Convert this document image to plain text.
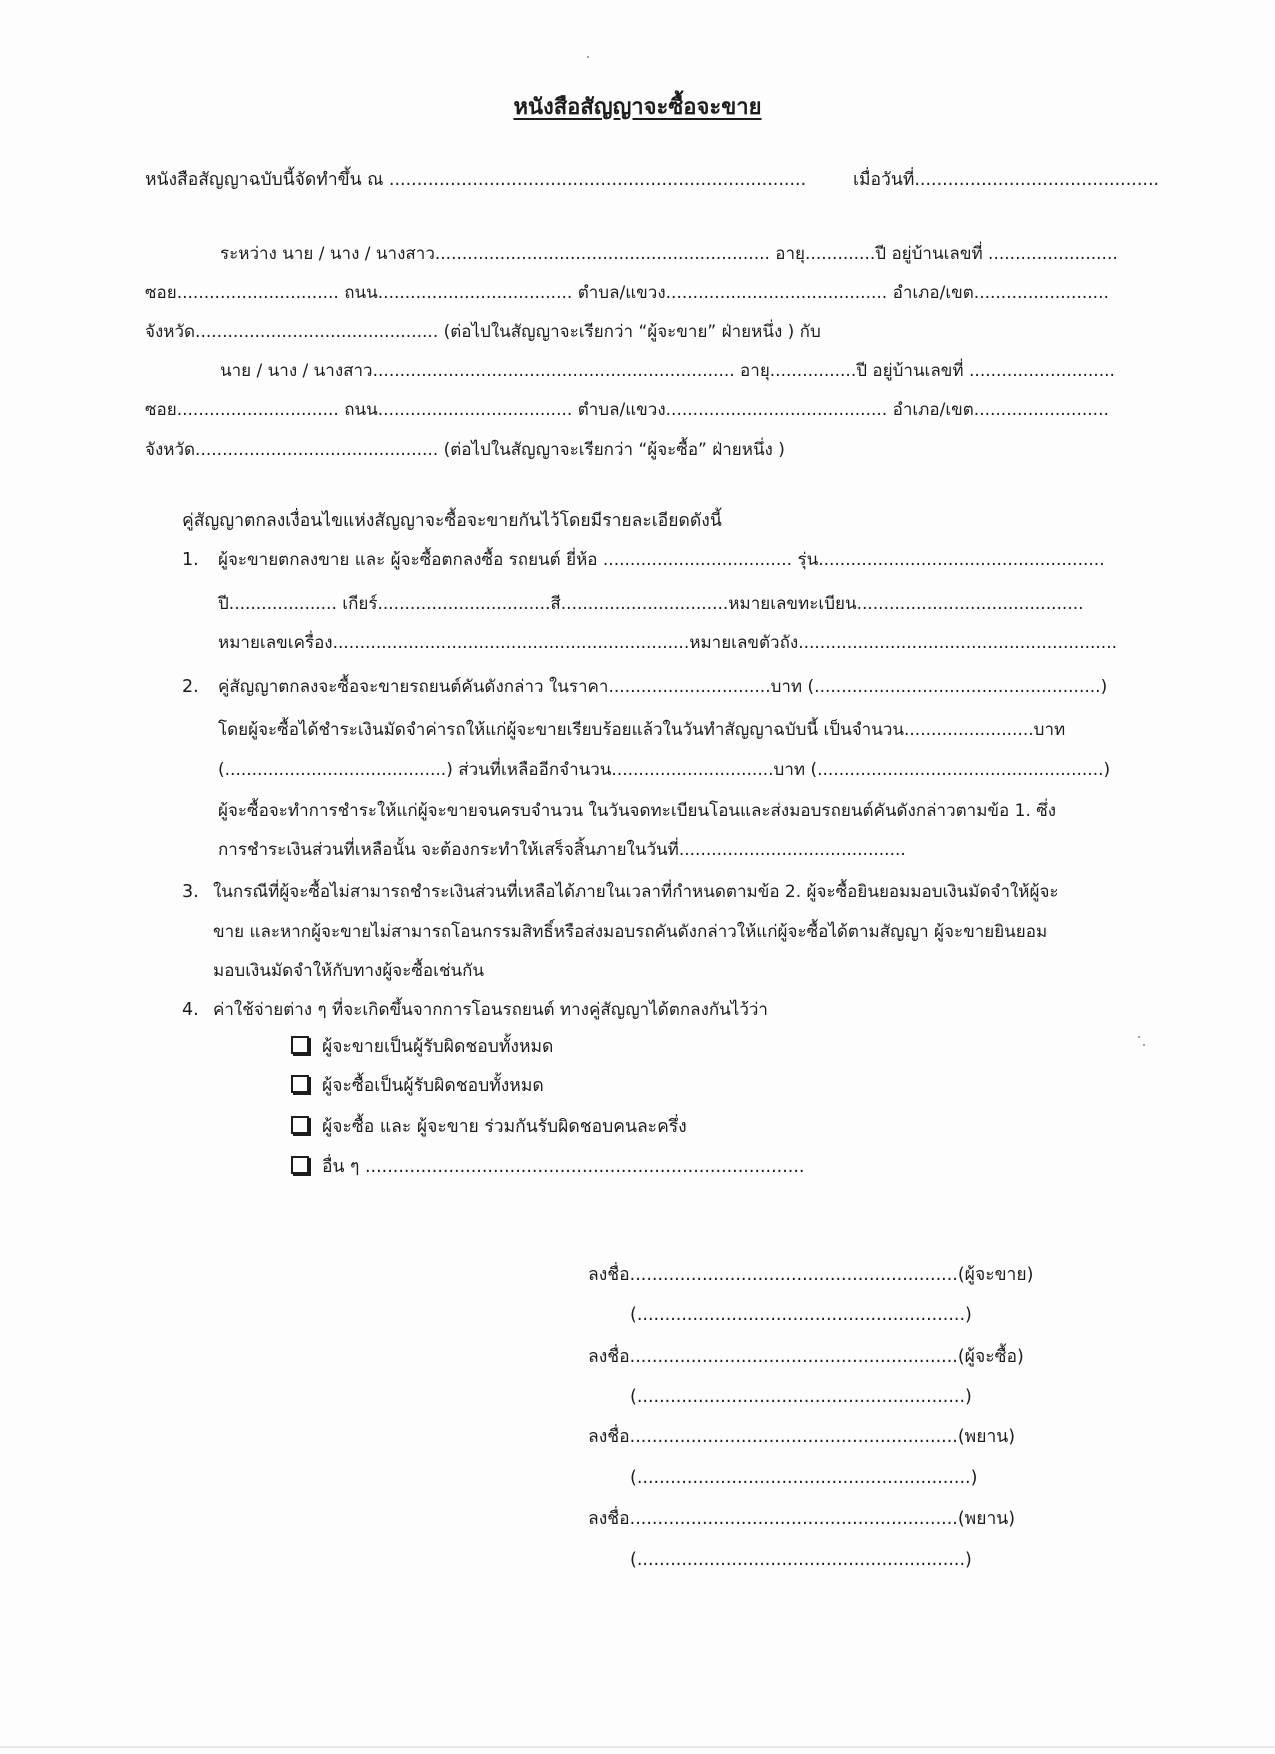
หนังสือสัญญาจะซื้อจะขาย
หนังสือสัญญาฉบับนี้จัดทำขึ้น ณ ...........................................................................	เมื่อวันที่............................................
ระหว่าง นาย / นาง / นางสาว.............................................................. อายุ.............ปี อยู่บ้านเลขที่ ........................
ซอย.............................. ถนน.................................... ตำบล/แขวง......................................... อำเภอ/เขต.........................
จังหวัด............................................. (ต่อไปในสัญญาจะเรียกว่า “ผู้จะขาย” ฝ่ายหนึ่ง ) กับ
นาย / นาง / นางสาว................................................................... อายุ................ปี อยู่บ้านเลขที่ ...........................
ซอย.............................. ถนน.................................... ตำบล/แขวง......................................... อำเภอ/เขต.........................
จังหวัด............................................. (ต่อไปในสัญญาจะเรียกว่า “ผู้จะซื้อ” ฝ่ายหนึ่ง )
คู่สัญญาตกลงเงื่อนไขแห่งสัญญาจะซื้อจะขายกันไว้โดยมีรายละเอียดดังนี้
1. ผู้จะขายตกลงขาย และ ผู้จะซื้อตกลงซื้อ รถยนต์ ยี่ห้อ ................................... รุ่น.....................................................
ปี.................... เกียร์................................สี...............................หมายเลขทะเบียน..........................................
หมายเลขเครื่อง..................................................................หมายเลขตัวถัง...........................................................
2. คู่สัญญาตกลงจะซื้อจะขายรถยนต์คันดังกล่าว ในราคา..............................บาท (.....................................................)
โดยผู้จะซื้อได้ชำระเงินมัดจำค่ารถให้แก่ผู้จะขายเรียบร้อยแล้วในวันทำสัญญาฉบับนี้ เป็นจำนวน........................บาท
(.........................................) ส่วนที่เหลืออีกจำนวน..............................บาท (.....................................................)
ผู้จะซื้อจะทำการชำระให้แก่ผู้จะขายจนครบจำนวน ในวันจดทะเบียนโอนและส่งมอบรถยนต์คันดังกล่าวตามข้อ 1. ซึ่ง
การชำระเงินส่วนที่เหลือนั้น จะต้องกระทำให้เสร็จสิ้นภายในวันที่..........................................
3. ในกรณีที่ผู้จะซื้อไม่สามารถชำระเงินส่วนที่เหลือได้ภายในเวลาที่กำหนดตามข้อ 2. ผู้จะซื้อยินยอมมอบเงินมัดจำให้ผู้จะ
ขาย และหากผู้จะขายไม่สามารถโอนกรรมสิทธิ์หรือส่งมอบรถคันดังกล่าวให้แก่ผู้จะซื้อได้ตามสัญญา ผู้จะขายยินยอม
มอบเงินมัดจำให้กับทางผู้จะซื้อเช่นกัน
4. ค่าใช้จ่ายต่าง ๆ ที่จะเกิดขึ้นจากการโอนรถยนต์ ทางคู่สัญญาได้ตกลงกันไว้ว่า
ผู้จะขายเป็นผู้รับผิดชอบทั้งหมด
ผู้จะซื้อเป็นผู้รับผิดชอบทั้งหมด
ผู้จะซื้อ และ ผู้จะขาย ร่วมกันรับผิดชอบคนละครึ่ง
อื่น ๆ ...............................................................................
ลงชื่อ...........................................................(ผู้จะขาย)
(...........................................................)
ลงชื่อ...........................................................(ผู้จะซื้อ)
(...........................................................)
ลงชื่อ...........................................................(พยาน)
(............................................................)
ลงชื่อ...........................................................(พยาน)
(...........................................................)
